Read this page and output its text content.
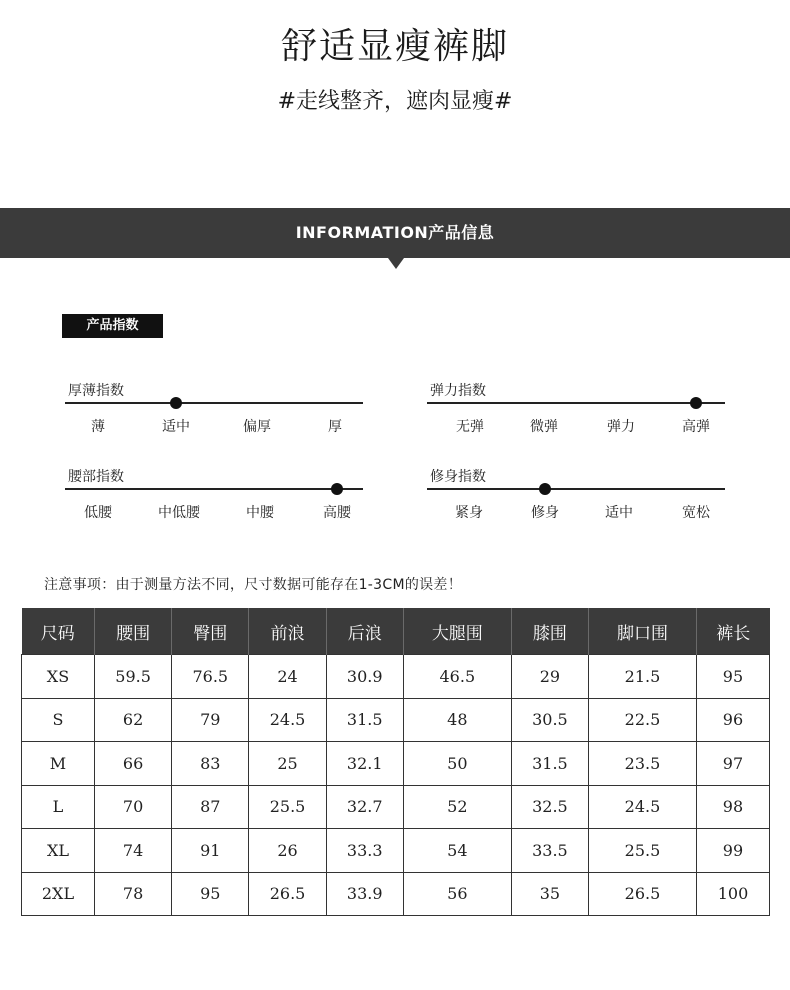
舒适显瘦裤脚
#走线整齐，遮肉显瘦#
INFORMATION产品信息
产品指数
厚薄指数
薄	适中	偏厚	厚
弹力指数
无弹	微弹	弹力	高弹
腰部指数
低腰	中低腰	中腰	高腰
修身指数
紧身	修身	适中	宽松
注意事项：由于测量方法不同，尺寸数据可能存在1-3CM的误差！
尺码	腰围	臀围	前浪	后浪	大腿围	膝围	脚口围	裤长
XS	59.5	76.5	24	30.9	46.5	29	21.5	95
S	62	79	24.5	31.5	48	30.5	22.5	96
M	66	83	25	32.1	50	31.5	23.5	97
L	70	87	25.5	32.7	52	32.5	24.5	98
XL	74	91	26	33.3	54	33.5	25.5	99
2XL	78	95	26.5	33.9	56	35	26.5	100
